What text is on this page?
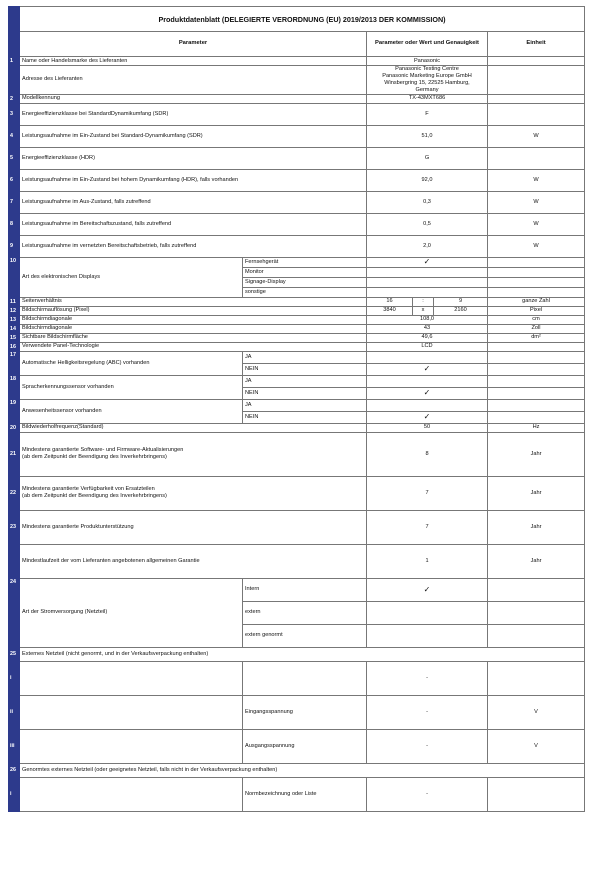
	Produktdatenblatt (DELEGIERTE VERORDNUNG (EU) 2019/2013 DER KOMMISSION)					
	Parameter		Parameter oder Wert und Genauigkeit			Einheit
1	Name oder Handelsmarke des Lieferanten		Panasonic			
	Adresse des Lieferanten		Panasonic Testing Centre
Panasonic Marketing Europe GmbH
Winsbergring 15, 22525 Hamburg,
Germany			

2	Modellkennung		TX-43MXT686			
3	Energieeffizienzklasse bei StandardDynamikumfang (SDR)		F			
4	Leistungsaufnahme im Ein-Zustand bei Standard-Dynamikumfang (SDR)		51,0			W
5	Energieeffizienzklasse (HDR)		G			
6	Leistungsaufnahme im Ein-Zustand bei hohem Dynamikumfang (HDR), falls vorhanden		92,0			W
7	Leistungsaufnahme im Aus-Zustand, falls zutreffend		0,3			W
8	Leistungsaufnahme im Bereitschaftszustand, falls zutreffend		0,5			W
9	Leistungsaufnahme im vernetzten Bereitschaftsbetrieb, falls zutreffend		2,0			W
10	Art des elektronischen Displays	Fernsehgerät	✓			
		Monitor				
		Signage-Display				
		sonstige				
11	Seitenverhältnis		16	:	9	ganze Zahl
12	Bildschirmauflösung (Pixel)		3840	x	2160	Pixel
13	Bildschirmdiagonale		108,0			cm
14	Bildschirmdiagonale		43			Zoll
15	Sichtbare Bildschirmfläche		49,6			dm²
16	Verwendete Panel-Technologie		LCD			
17	Automatische Helligkeitsregelung (ABC) vorhanden	JA				
		NEIN	✓			
18	Spracherkennungssensor vorhanden	JA				
		NEIN	✓			
19	Anwesenheitssensor vorhanden	JA				
		NEIN	✓			
20	Bildwiederholfrequenz(Standard)		50			Hz
21	Mindestens garantierte Software- und Firmware-Aktualisierungen
(ab dem Zeitpunkt der Beendigung des Inverkehrbringens)		8			Jahr
22	Mindestens garantierte Verfügbarkeit von Ersatzteilen
(ab dem Zeitpunkt der Beendigung des Inverkehrbringens)		7			Jahr
23	Mindestens garantierte Produktunterstützung		7			Jahr
	Mindestlaufzeit der vom Lieferanten angebotenen allgemeinen Garantie		1			Jahr
24	Art der Stromversorgung (Netzteil)	Intern	✓			
		extern				
		extern genormt				
25	Externes Netzteil (nicht genormt, und in der Verkaufsverpackung enthalten)					
i			-			
ii		Eingangsspannung	-			V
iii		Ausgangsspannung	-			V
26	Genormtes externes Netzteil (oder geeignetes Netzteil, falls nicht in der Verkaufsverpackung enthalten)					
i		Normbezeichnung oder Liste	-			
